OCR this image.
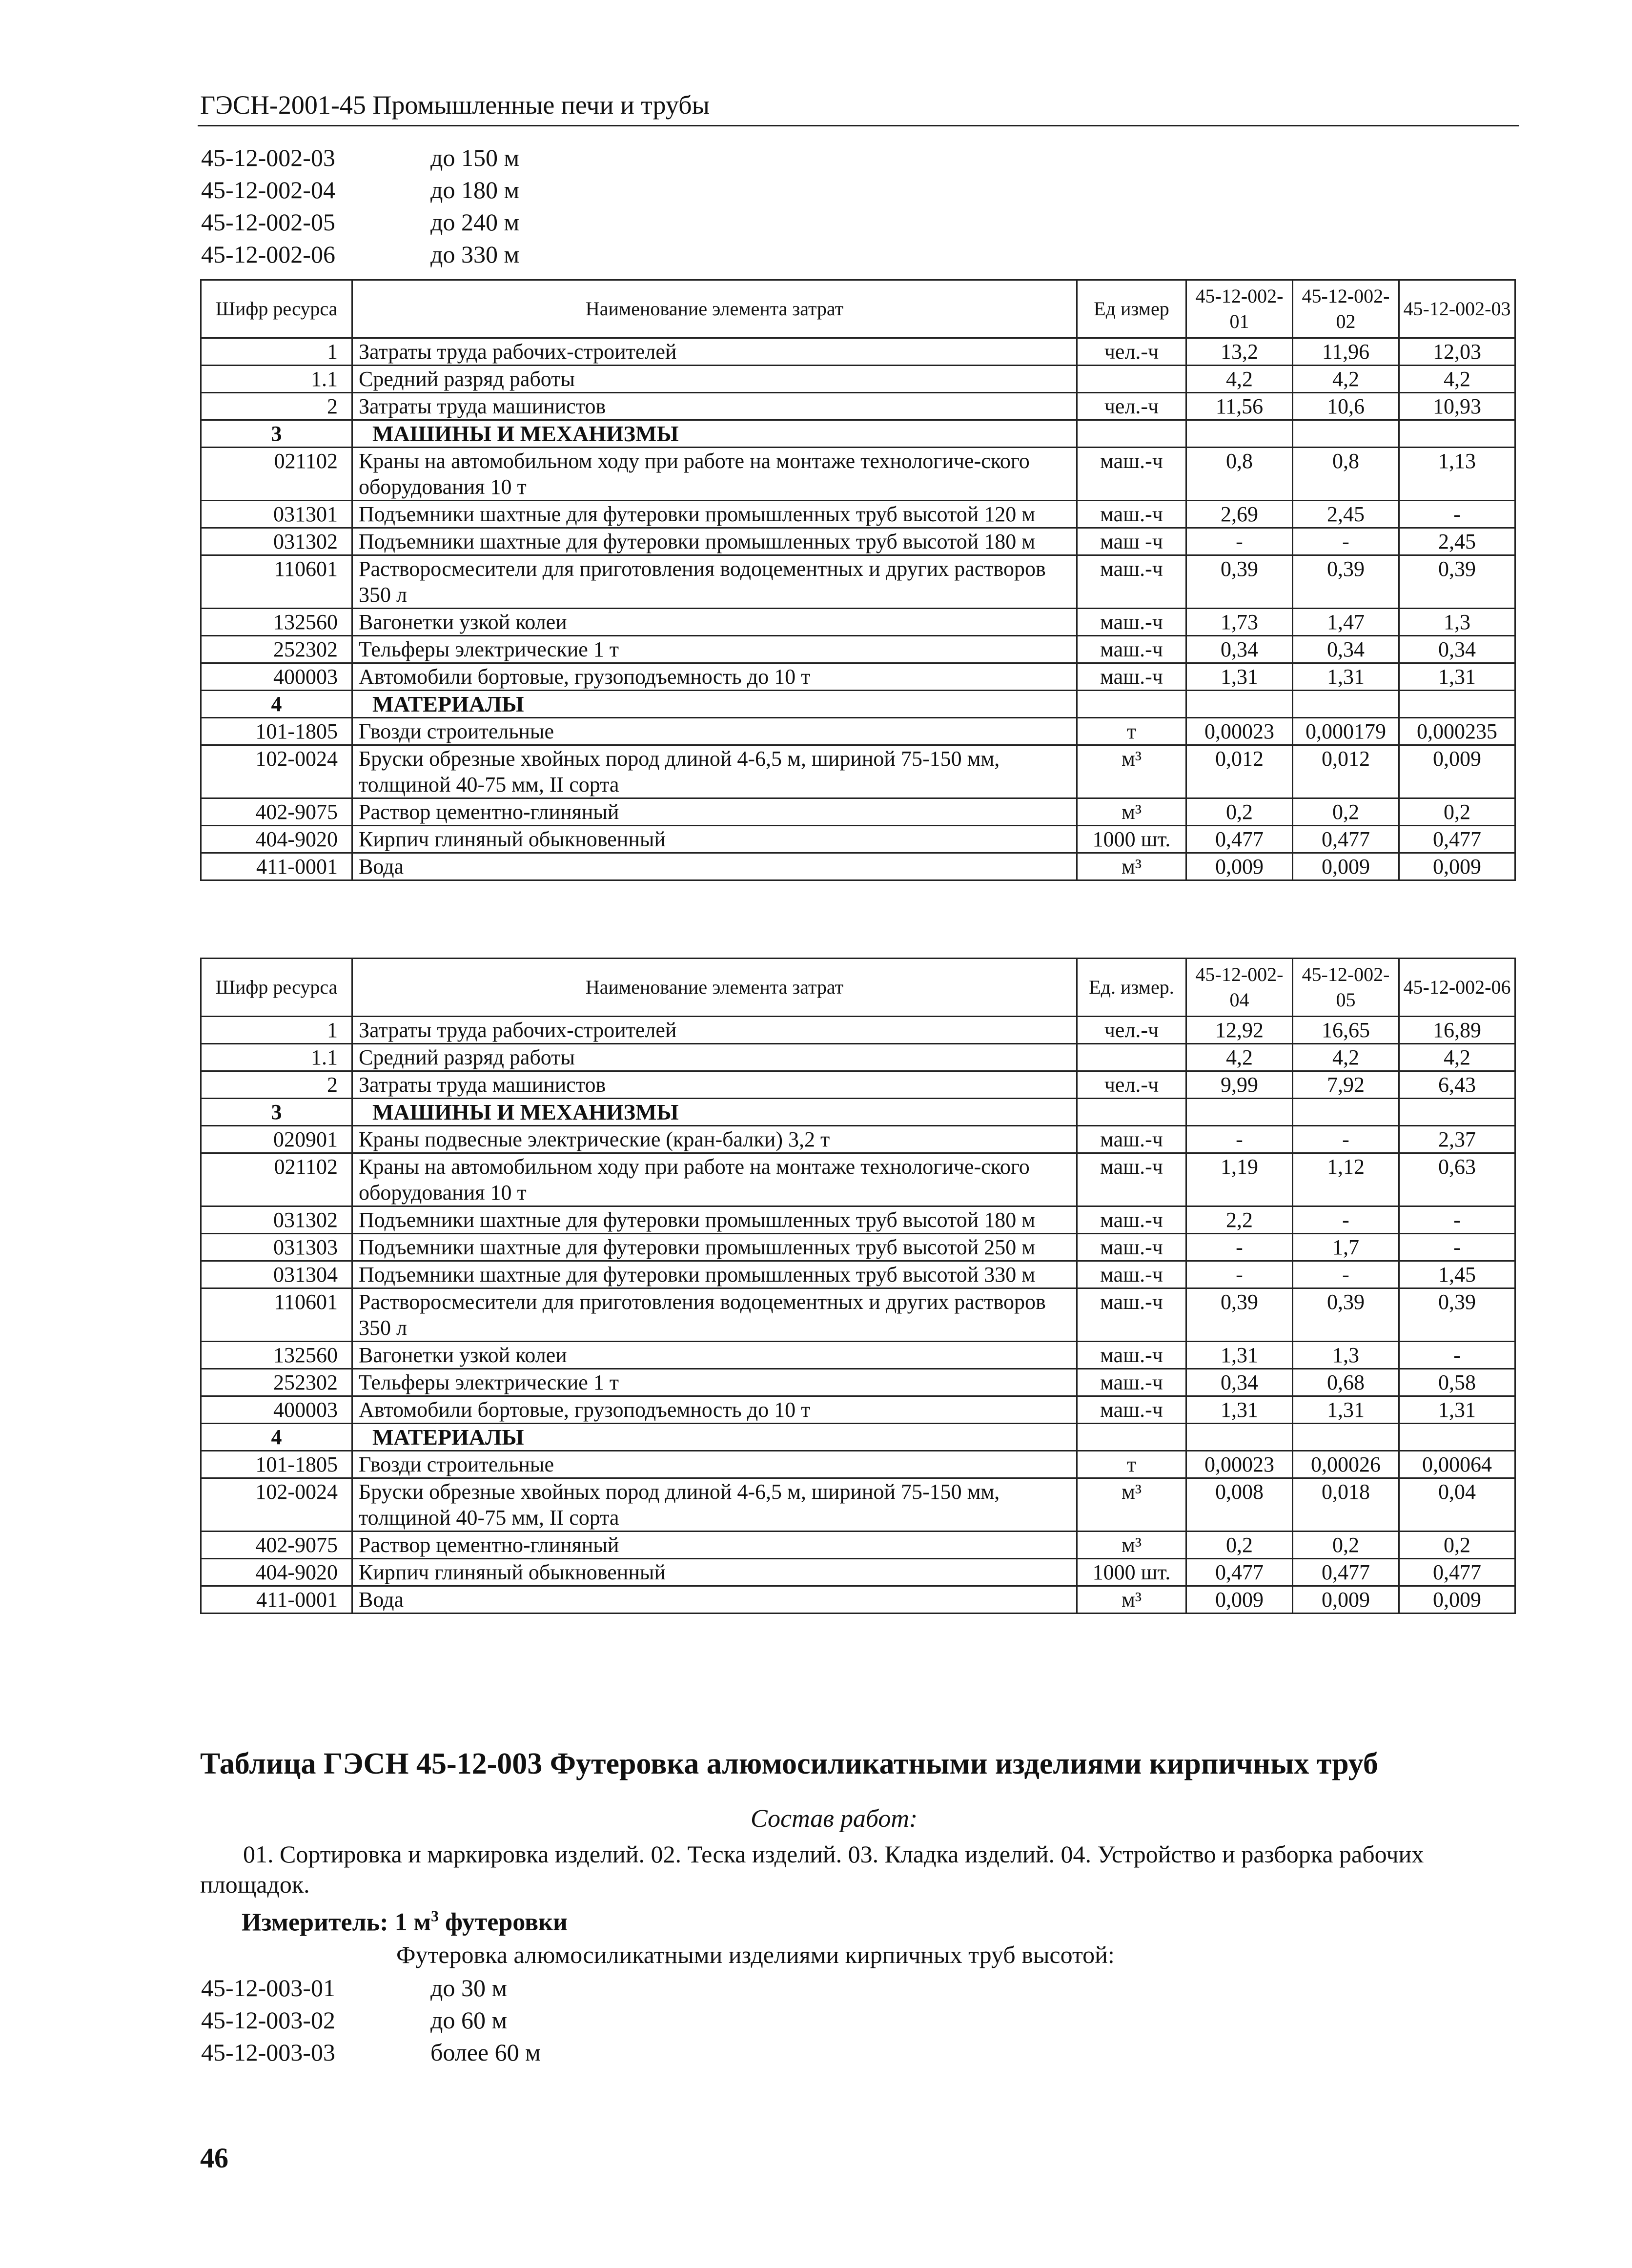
ГЭСН-2001-45 Промышленные печи и трубы
45-12-002-03	до 150 м
45-12-002-04	до 180 м
45-12-002-05	до 240 м
45-12-002-06	до 330 м
Шифр ресурса	Наименование элемента затрат	Ед измер	45-12-002-01	45-12-002-02	45-12-002-03
1	Затраты труда рабочих-строителей	чел.-ч	13,2	11,96	12,03
1.1	Средний разряд работы		4,2	4,2	4,2
2	Затраты труда машинистов	чел.-ч	11,56	10,6	10,93
3	МАШИНЫ И МЕХАНИЗМЫ				
021102	Краны на автомобильном ходу при работе на монтаже технологиче-ского оборудования 10 т	маш.-ч	0,8	0,8	1,13
031301	Подъемники шахтные для футеровки промышленных труб высотой 120 м	маш.-ч	2,69	2,45	-
031302	Подъемники шахтные для футеровки промышленных труб высотой 180 м	маш -ч	-	-	2,45
110601	Растворосмесители для приготовления водоцементных и других растворов 350 л	маш.-ч	0,39	0,39	0,39
132560	Вагонетки узкой колеи	маш.-ч	1,73	1,47	1,3
252302	Тельферы электрические 1 т	маш.-ч	0,34	0,34	0,34
400003	Автомобили бортовые, грузоподъемность до 10 т	маш.-ч	1,31	1,31	1,31
4	МАТЕРИАЛЫ				
101-1805	Гвозди строительные	т	0,00023	0,000179	0,000235
102-0024	Бруски обрезные хвойных пород длиной 4-6,5 м, шириной 75-150 мм, толщиной 40-75 мм, II сорта	м³	0,012	0,012	0,009
402-9075	Раствор цементно-глиняный	м³	0,2	0,2	0,2
404-9020	Кирпич глиняный обыкновенный	1000 шт.	0,477	0,477	0,477
411-0001	Вода	м³	0,009	0,009	0,009
Шифр ресурса	Наименование элемента затрат	Ед. измер.	45-12-002-04	45-12-002-05	45-12-002-06
1	Затраты труда рабочих-строителей	чел.-ч	12,92	16,65	16,89
1.1	Средний разряд работы		4,2	4,2	4,2
2	Затраты труда машинистов	чел.-ч	9,99	7,92	6,43
3	МАШИНЫ И МЕХАНИЗМЫ				
020901	Краны подвесные электрические (кран-балки) 3,2 т	маш.-ч	-	-	2,37
021102	Краны на автомобильном ходу при работе на монтаже технологиче-ского оборудования 10 т	маш.-ч	1,19	1,12	0,63
031302	Подъемники шахтные для футеровки промышленных труб высотой 180 м	маш.-ч	2,2	-	-
031303	Подъемники шахтные для футеровки промышленных труб высотой 250 м	маш.-ч	-	1,7	-
031304	Подъемники шахтные для футеровки промышленных труб высотой 330 м	маш.-ч	-	-	1,45
110601	Растворосмесители для приготовления водоцементных и других растворов 350 л	маш.-ч	0,39	0,39	0,39
132560	Вагонетки узкой колеи	маш.-ч	1,31	1,3	-
252302	Тельферы электрические 1 т	маш.-ч	0,34	0,68	0,58
400003	Автомобили бортовые, грузоподъемность до 10 т	маш.-ч	1,31	1,31	1,31
4	МАТЕРИАЛЫ				
101-1805	Гвозди строительные	т	0,00023	0,00026	0,00064
102-0024	Бруски обрезные хвойных пород длиной 4-6,5 м, шириной 75-150 мм, толщиной 40-75 мм, II сорта	м³	0,008	0,018	0,04
402-9075	Раствор цементно-глиняный	м³	0,2	0,2	0,2
404-9020	Кирпич глиняный обыкновенный	1000 шт.	0,477	0,477	0,477
411-0001	Вода	м³	0,009	0,009	0,009
Таблица ГЭСН 45-12-003 Футеровка алюмосиликатными изделиями кирпичных труб
Состав работ:
01. Сортировка и маркировка изделий. 02. Теска изделий. 03. Кладка изделий. 04. Устройство и разборка рабочих площадок.
Измеритель: 1 $м^3$ футеровки
Футеровка алюмосиликатными изделиями кирпичных труб высотой:
45-12-003-01	до 30 м
45-12-003-02	до 60 м
45-12-003-03	более 60 м
46
